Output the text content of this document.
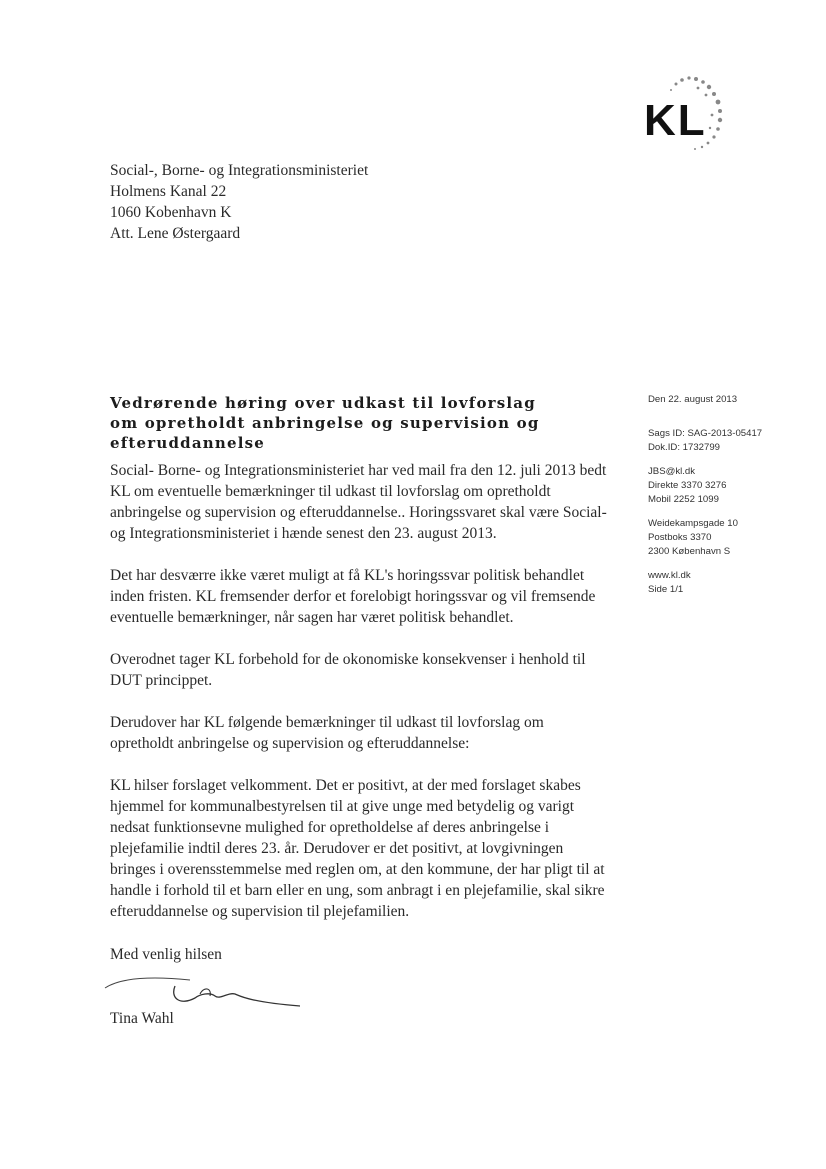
KL
Social-, Borne- og Integrationsministeriet
Holmens Kanal 22
1060 Kobenhavn K
Att. Lene Østergaard
Vedrørende høring over udkast til lovforslag om opretholdt anbringelse og supervision og efteruddannelse
Den 22. august 2013
Sags ID: SAG-2013-05417
Dok.ID: 1732799
JBS@kl.dk
Direkte 3370 3276
Mobil 2252 1099
Weidekampsgade 10
Postboks 3370
2300 København S
www.kl.dk
Side 1/1

Social- Borne- og Integrationsministeriet har ved mail fra den 12. juli 2013 bedt KL om eventuelle bemærkninger til udkast til lovforslag om opretholdt anbringelse og supervision og efteruddannelse.. Horingssvaret skal være Social- og Integrationsministeriet i hænde senest den 23. august 2013.

Det har desværre ikke været muligt at få KL's horingssvar politisk behandlet inden fristen. KL fremsender derfor et forelobigt horingssvar og vil fremsende eventuelle bemærkninger, når sagen har været politisk behandlet.

Overodnet tager KL forbehold for de okonomiske konsekvenser i henhold til DUT princippet.

Derudover har KL følgende bemærkninger til udkast til lovforslag om opretholdt anbringelse og supervision og efteruddannelse:

KL hilser forslaget velkomment. Det er positivt, at der med forslaget skabes hjemmel for kommunalbestyrelsen til at give unge med betydelig og varigt nedsat funktionsevne mulighed for opretholdelse af deres anbringelse i plejefamilie indtil deres 23. år. Derudover er det positivt, at lovgivningen bringes i overensstemmelse med reglen om, at den kommune, der har pligt til at handle i forhold til et barn eller en ung, som anbragt i en plejefamilie, skal sikre efteruddannelse og supervision til plejefamilien.

Med venlig hilsen
Tina Wahl
